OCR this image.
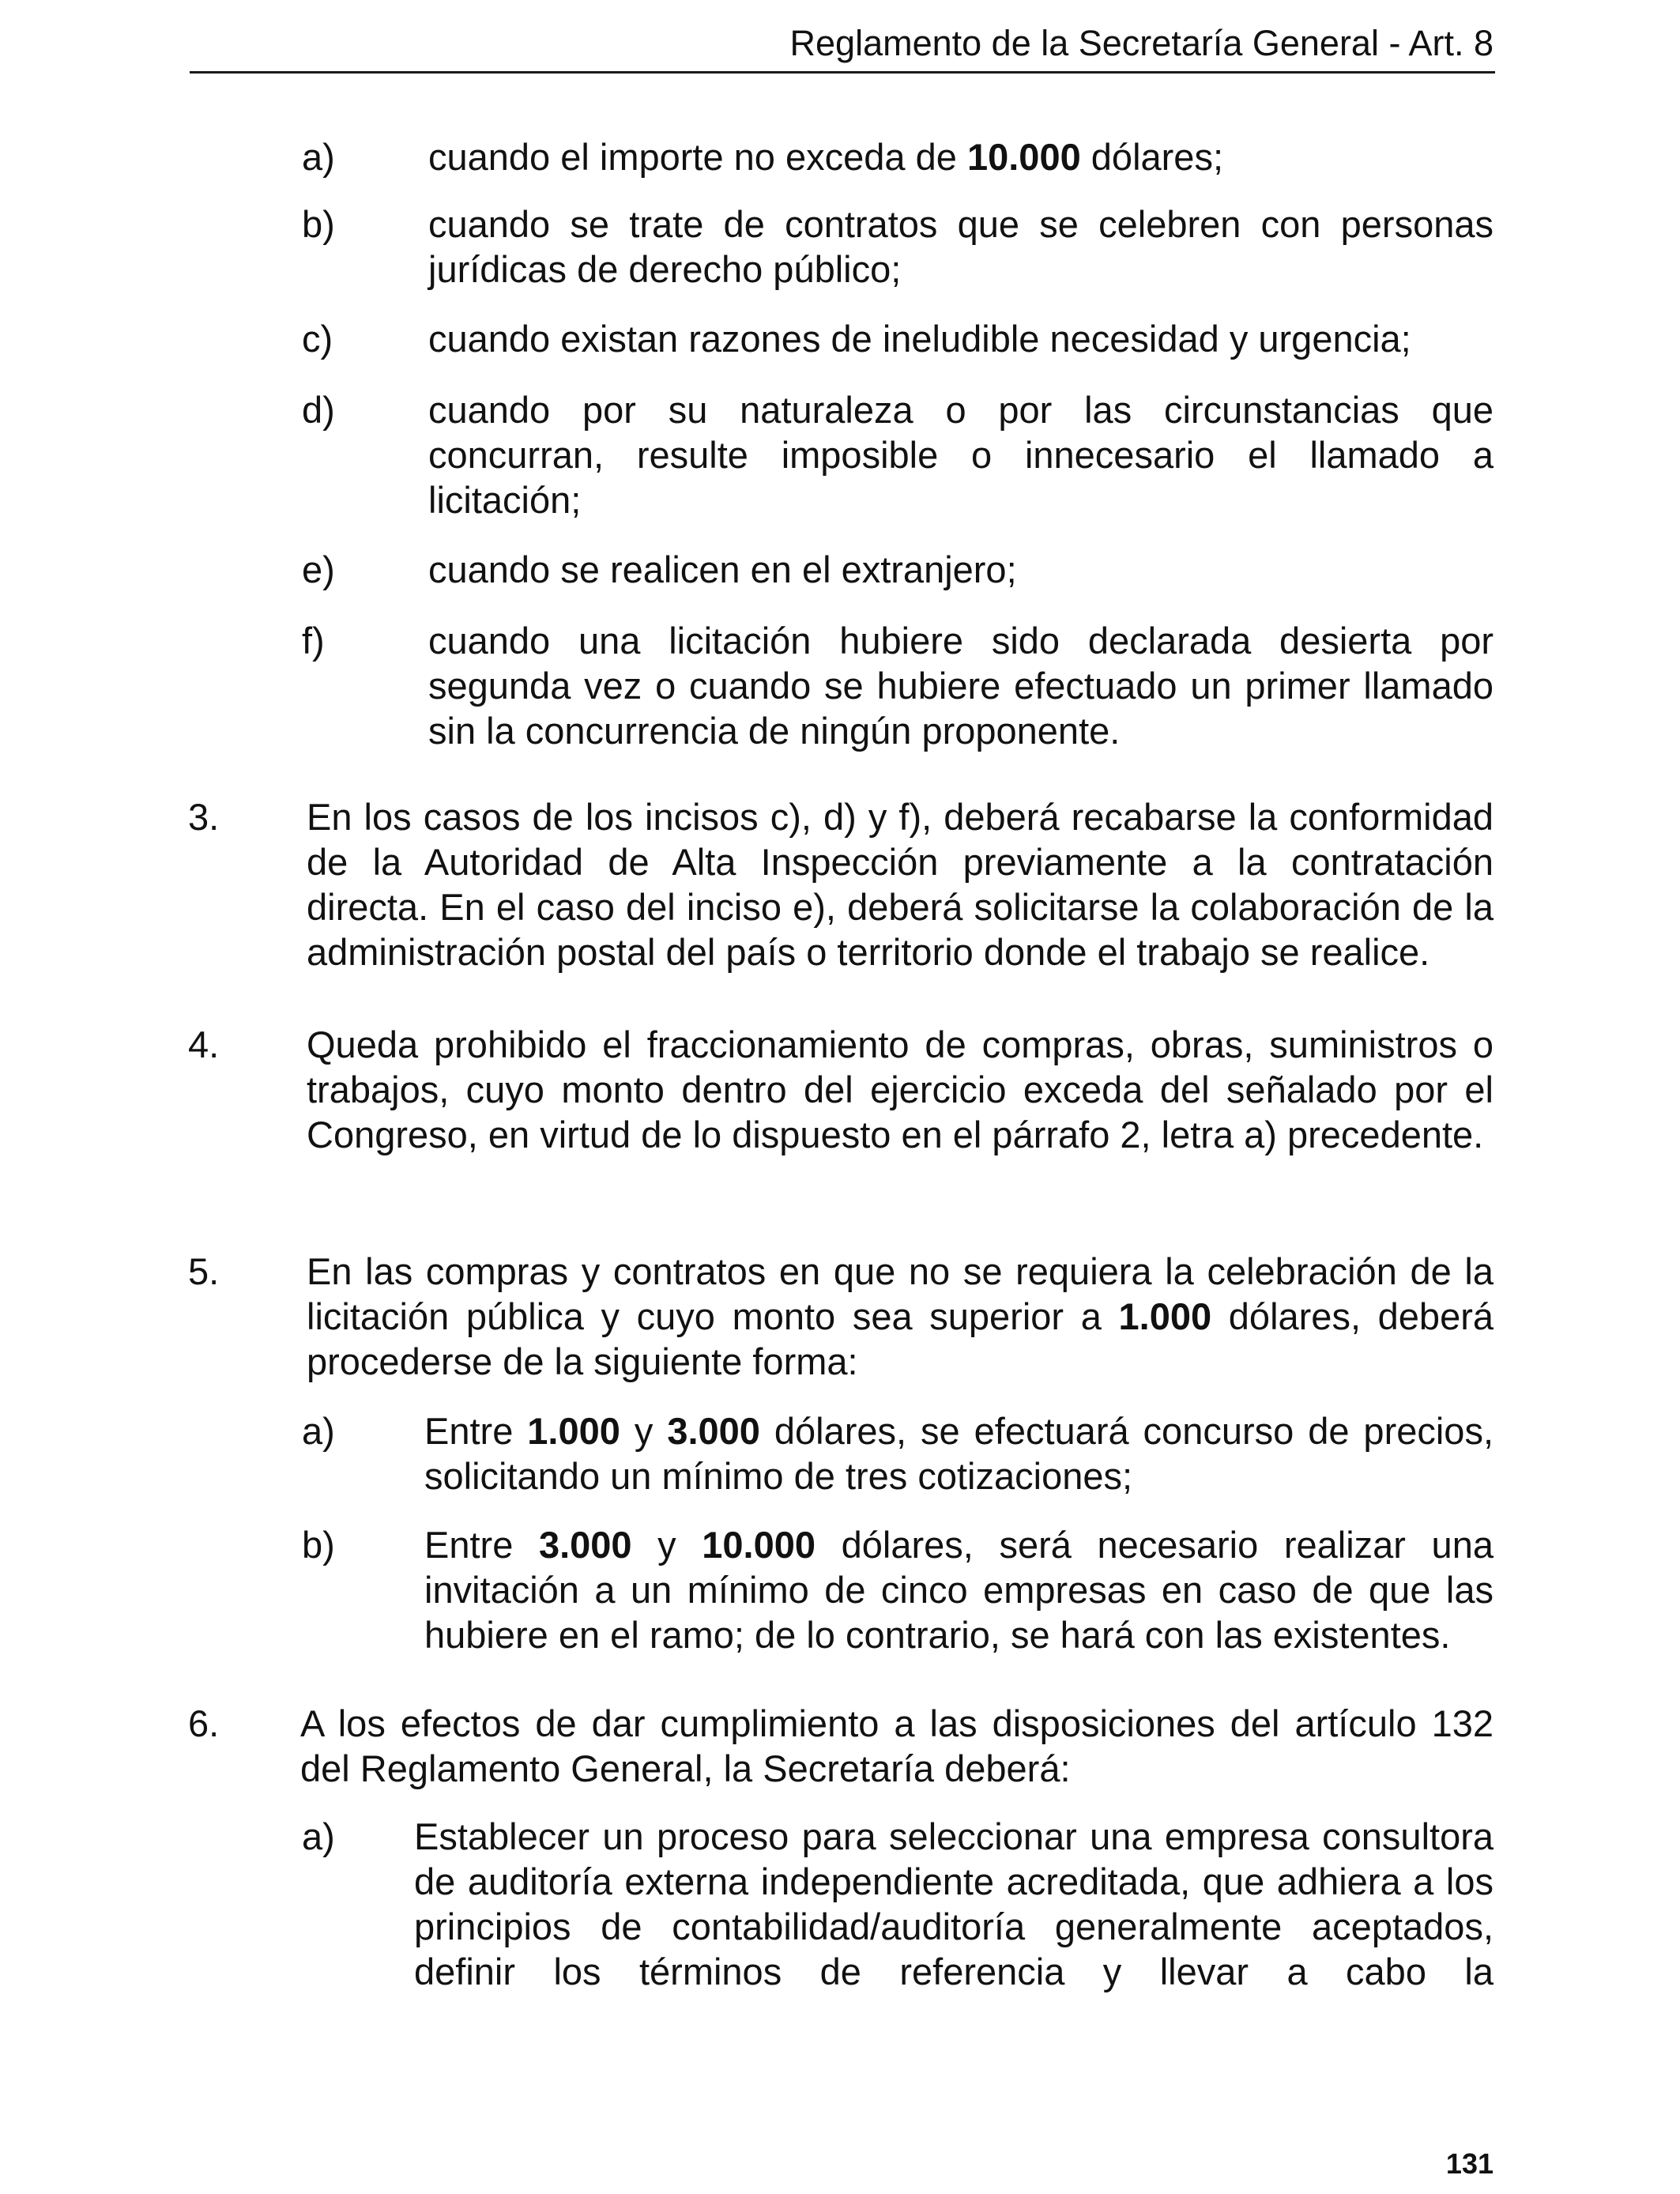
Reglamento de la Secretaría General - Art. 8
a)	cuando el importe no exceda de 10.000 dólares;
b)	cuando se trate de contratos que se celebren con personas jurídicas de derecho público;
c)	cuando existan razones de ineludible necesidad y urgencia;
d)	cuando por su naturaleza o por las circunstancias que concurran, resulte imposible o innecesario el llamado a licitación;
e)	cuando se realicen en el extranjero;
f)	cuando una licitación hubiere sido declarada desierta por segunda vez o cuando se hubiere efectuado un primer llamado sin la concurrencia de ningún proponente.
3. En los casos de los incisos c), d) y f), deberá recabarse la conformidad de la Autoridad de Alta Inspección previamente a la contratación directa. En el caso del inciso e), deberá solicitarse la colaboración de la administración postal del país o territorio donde el trabajo se realice.
4. Queda prohibido el fraccionamiento de compras, obras, suministros o trabajos, cuyo monto dentro del ejercicio exceda del señalado por el Congreso, en virtud de lo dispuesto en el párrafo 2, letra a) precedente.
5. En las compras y contratos en que no se requiera la celebración de la licitación pública y cuyo monto sea superior a 1.000 dólares, deberá procederse de la siguiente forma:
a) Entre 1.000 y 3.000 dólares, se efectuará concurso de precios, solicitando un mínimo de tres cotizaciones;
b) Entre 3.000 y 10.000 dólares, será necesario realizar una invitación a un mínimo de cinco empresas en caso de que las hubiere en el ramo; de lo contrario, se hará con las existentes.
6. A los efectos de dar cumplimiento a las disposiciones del artículo 132 del Reglamento General, la Secretaría deberá:
a) Establecer un proceso para seleccionar una empresa consultora de auditoría externa independiente acreditada, que adhiera a los principios de contabilidad/auditoría generalmente aceptados, definir los términos de referencia y llevar a cabo la
131
